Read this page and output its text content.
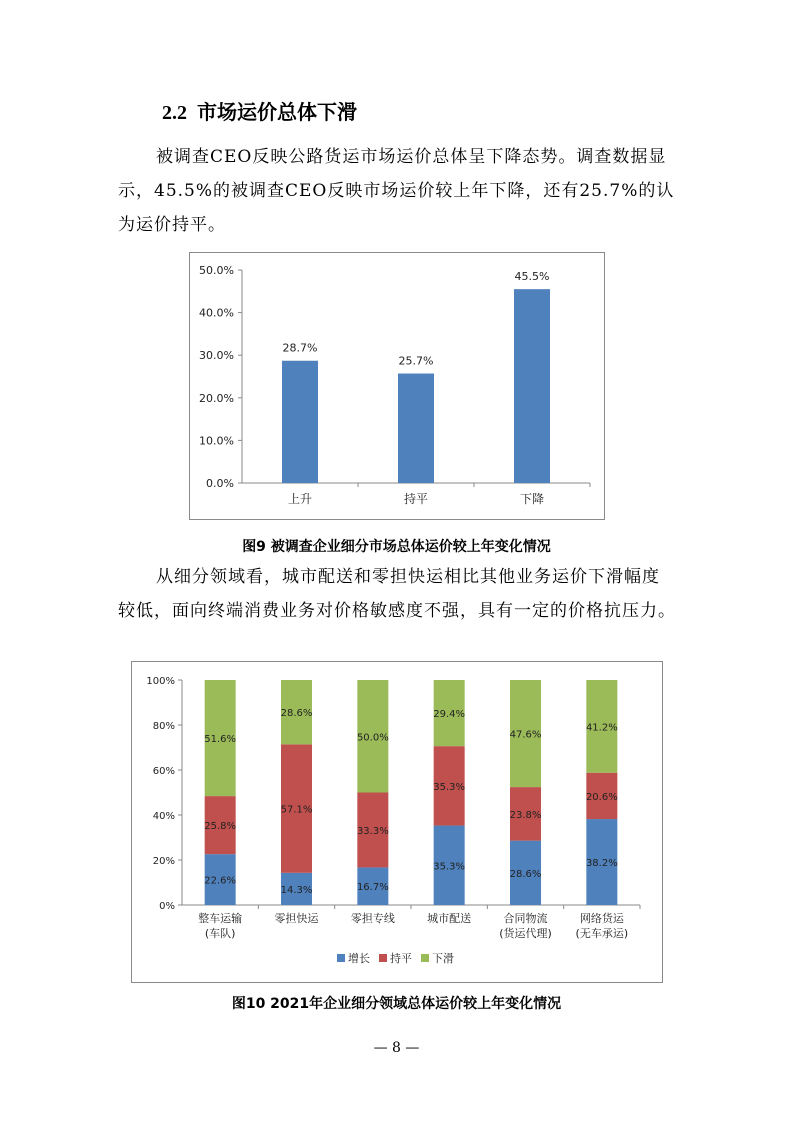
2.2 市场运价总体下滑
被调查CEO反映公路货运市场运价总体呈下降态势。调查数据显示，45.5%的被调查CEO反映市场运价较上年下降，还有25.7%的认为运价持平。
0.0%
10.0%
20.0%
30.0%
40.0%
50.0%
28.7%
上升
25.7%
持平
45.5%
下降
图9 被调查企业细分市场总体运价较上年变化情况
从细分领域看，城市配送和零担快运相比其他业务运价下滑幅度较低，面向终端消费业务对价格敏感度不强，具有一定的价格抗压力。
0%
20%
40%
60%
80%
100%
22.6%
25.8%
51.6%
整车运输
(车队)
14.3%
57.1%
28.6%
零担快运
16.7%
33.3%
50.0%
零担专线
35.3%
35.3%
29.4%
城市配送
28.6%
23.8%
47.6%
合同物流
(货运代理)
38.2%
20.6%
41.2%
网络货运
(无车承运)
增长 持平 下滑
图10 2021年企业细分领域总体运价较上年变化情况
— 8 —
